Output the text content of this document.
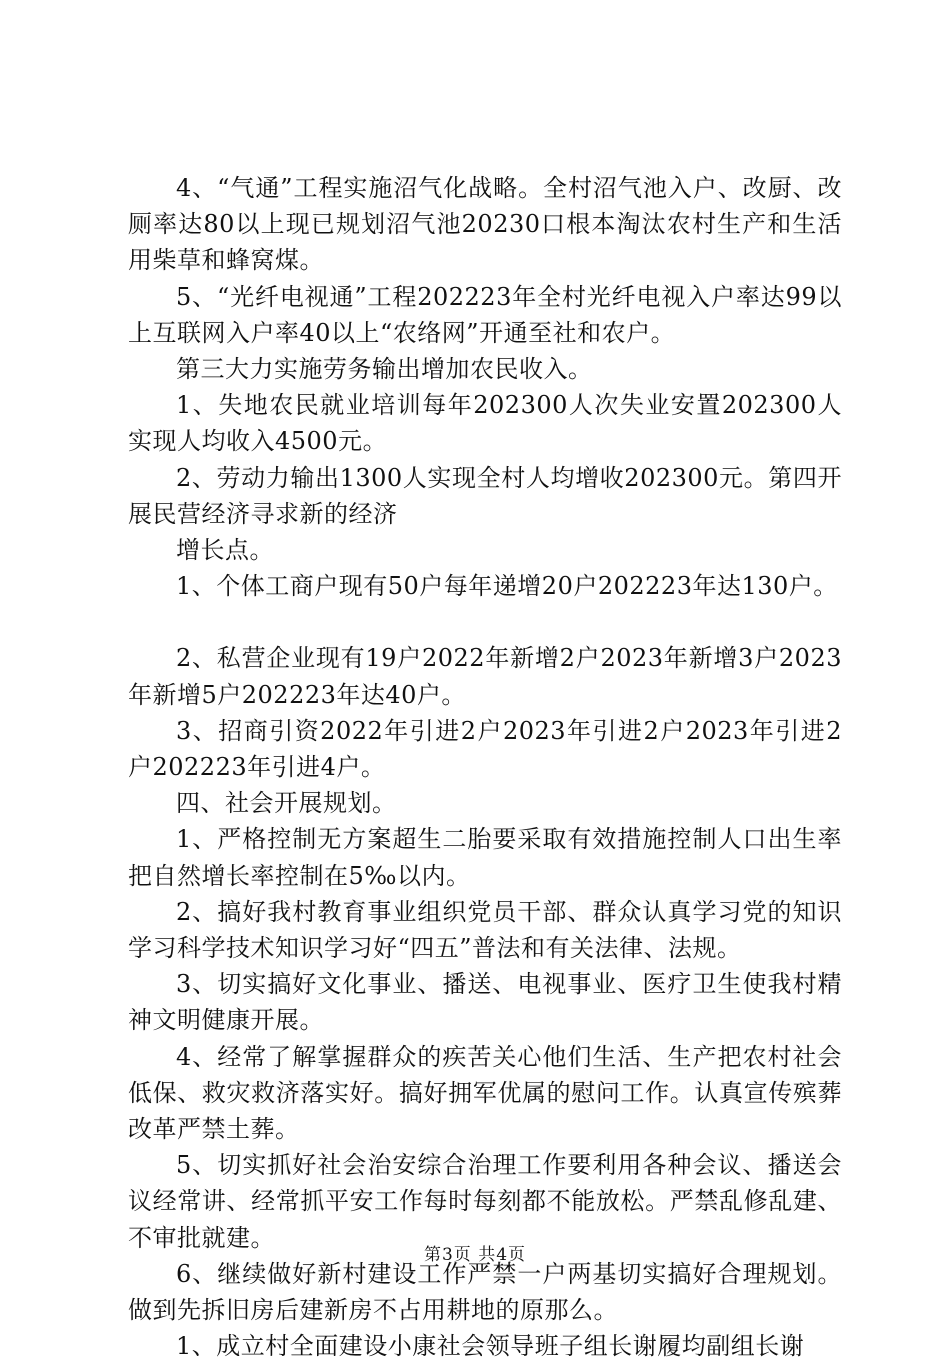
4、“气通”工程实施沼气化战略。全村沼气池入户、改厨、改厕率达80以上现已规划沼气池20230口根本淘汰农村生产和生活用柴草和蜂窝煤。

5、“光纤电视通”工程202223年全村光纤电视入户率达99以上互联网入户率40以上“农络网”开通至社和农户。

第三大力实施劳务输出增加农民收入。

1、失地农民就业培训每年202300人次失业安置202300人实现人均收入4500元。

2、劳动力输出1300人实现全村人均增收202300元。第四开展民营经济寻求新的经济

增长点。

1、个体工商户现有50户每年递增20户202223年达130户。

2、私营企业现有19户2022年新增2户2023年新增3户2023年新增5户202223年达40户。

3、招商引资2022年引进2户2023年引进2户2023年引进2户202223年引进4户。

四、社会开展规划。

1、严格控制无方案超生二胎要采取有效措施控制人口出生率把自然增长率控制在5‰以内。

2、搞好我村教育事业组织党员干部、群众认真学习党的知识学习科学技术知识学习好“四五”普法和有关法律、法规。

3、切实搞好文化事业、播送、电视事业、医疗卫生使我村精神文明健康开展。

4、经常了解掌握群众的疾苦关心他们生活、生产把农村社会低保、救灾救济落实好。搞好拥军优属的慰问工作。认真宣传殡葬改革严禁土葬。

5、切实抓好社会治安综合治理工作要利用各种会议、播送会议经常讲、经常抓平安工作每时每刻都不能放松。严禁乱修乱建、不审批就建。

6、继续做好新村建设工作严禁一户两基切实搞好合理规划。做到先拆旧房后建新房不占用耕地的原那么。

1、成立村全面建设小康社会领导班子组长谢履均副组长谢

第3页 共4页
